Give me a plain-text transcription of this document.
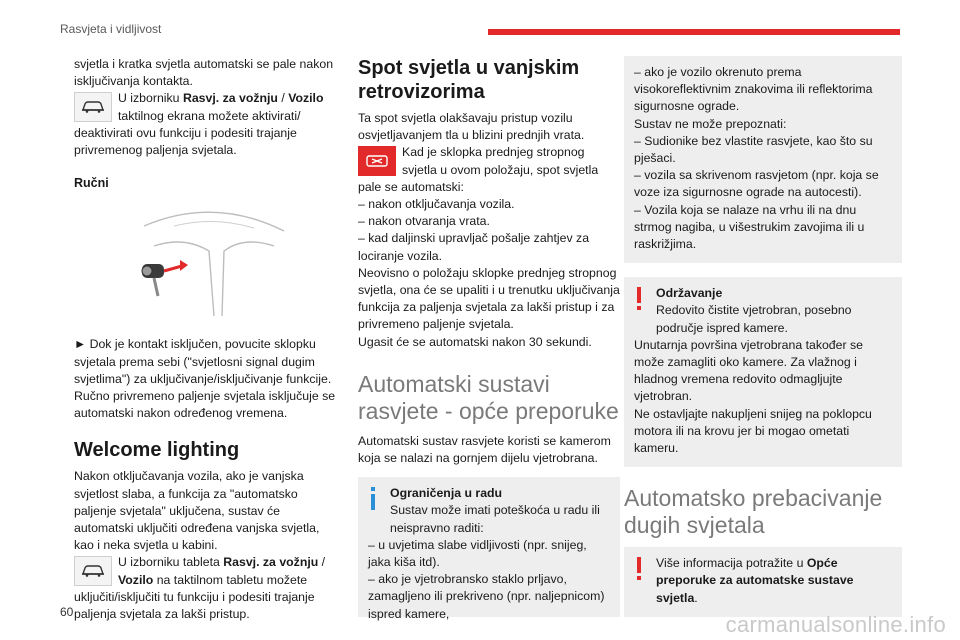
Rasvjeta i vidljivost

svjetla i kratka svjetla automatski se pale nakon isključivanja kontakta.

U izborniku Rasvj. za vožnju / Vozilo taktilnog ekrana možete aktivirati/ deaktivirati ovu funkciju i podesiti trajanje privremenog paljenja svjetala.
Ručni

► Dok je kontakt isključen, povucite sklopku svjetala prema sebi ("svjetlosni signal dugim svjetlima") za uključivanje/isključivanje funkcije. Ručno privremeno paljenje svjetala isključuje se automatski nakon određenog vremena.

Welcome lighting

Nakon otključavanja vozila, ako je vanjska svjetlost slaba, a funkcija za "automatsko paljenje svjetala" uključena, sustav će automatski uključiti određena vanjska svjetla, kao i neka svjetla u kabini.

U izborniku tableta Rasvj. za vožnju / Vozilo na taktilnom tabletu možete uključiti/isključiti tu funkciju i podesiti trajanje paljenja svjetala za lakši pristup.
Spot svjetla u vanjskim retrovizorima

Ta spot svjetla olakšavaju pristup vozilu osvjetljavanjem tla u blizini prednjih vrata.

Kad je sklopka prednjeg stropnog svjetla u ovom položaju, spot svjetla pale se automatski:

– nakon otključavanja vozila.

– nakon otvaranja vrata.

– kad daljinski upravljač pošalje zahtjev za lociranje vozila.

Neovisno o položaju sklopke prednjeg stropnog svjetla, ona će se upaliti i u trenutku uključivanja funkcija za paljenja svjetala za lakši pristup i za privremeno paljenje svjetala.

Ugasit će se automatski nakon 30 sekundi.

Automatski sustavi rasvjete - opće preporuke

Automatski sustav rasvjete koristi se kamerom koja se nalazi na gornjem dijelu vjetrobrana.

Ograničenja u radu
Sustav može imati poteškoća u radu ili neispravno raditi:
– u uvjetima slabe vidljivosti (npr. snijeg, jaka kiša itd).
– ako je vjetrobransko staklo prljavo, zamagljeno ili prekriveno (npr. naljepnicom) ispred kamere,
– ako je vozilo okrenuto prema visokoreflektivnim znakovima ili reflektorima sigurnosne ograde.
Sustav ne može prepoznati:
– Sudionike bez vlastite rasvjete, kao što su pješaci.
– vozila sa skrivenom rasvjetom (npr. koja se voze iza sigurnosne ograde na autocesti).
– Vozila koja se nalaze na vrhu ili na dnu strmog nagiba, u višestrukim zavojima ili u raskrižjima.
Održavanje
Redovito čistite vjetrobran, posebno područje ispred kamere.
Unutarnja površina vjetrobrana također se može zamagliti oko kamere. Za vlažnog i hladnog vremena redovito odmagljujte vjetrobran.
Ne ostavljajte nakupljeni snijeg na poklopcu motora ili na krovu jer bi mogao ometati kameru.
Automatsko prebacivanje dugih svjetala
Više informacija potražite u Opće preporuke za automatske sustave svjetla.
60	carmanualsonline.info
